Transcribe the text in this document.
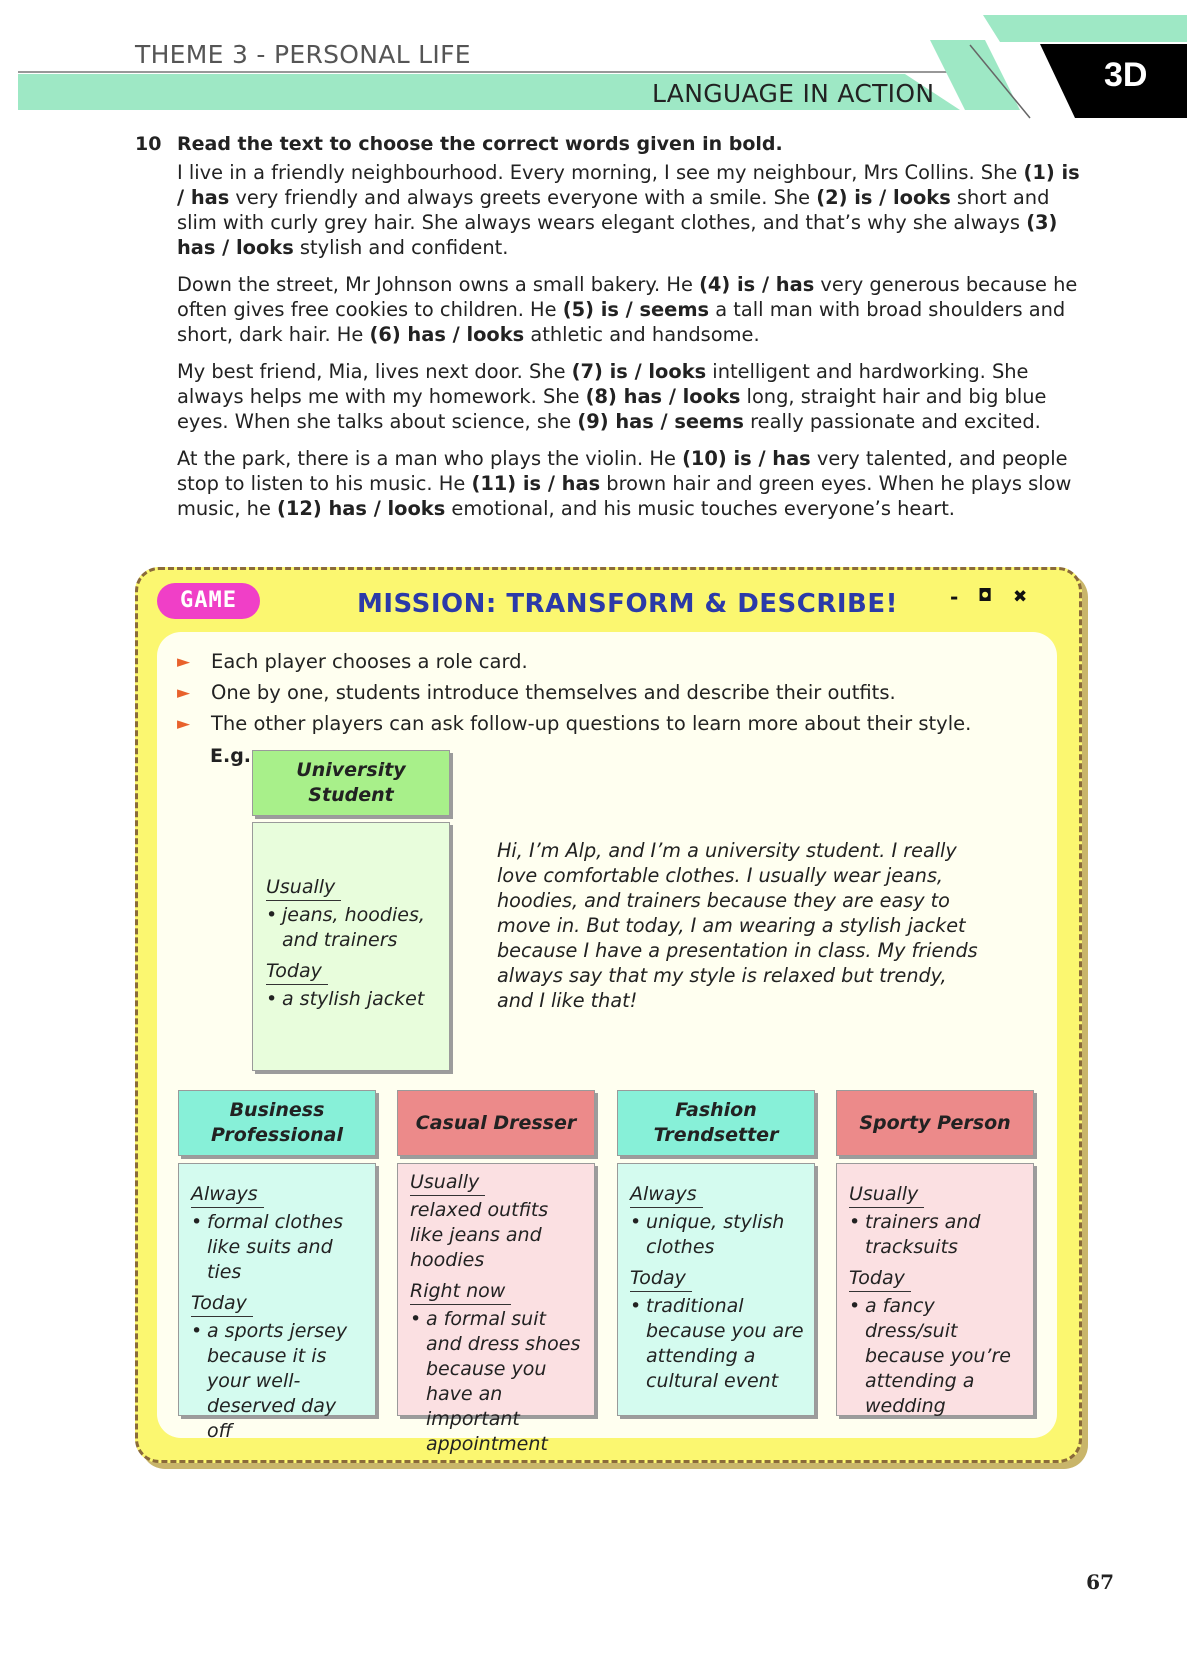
THEME 3 - PERSONAL LIFE
LANGUAGE IN ACTION	3D
10 Read the text to choose the correct words given in bold.

I live in a friendly neighbourhood. Every morning, I see my neighbour, Mrs Collins. She (1) is / has very friendly and always greets everyone with a smile. She (2) is / looks short and slim with curly grey hair. She always wears elegant clothes, and that’s why she always (3) has / looks stylish and confident.

Down the street, Mr Johnson owns a small bakery. He (4) is / has very generous because he often gives free cookies to children. He (5) is / seems a tall man with broad shoulders and short, dark hair. He (6) has / looks athletic and handsome.

My best friend, Mia, lives next door. She (7) is / looks intelligent and hardworking. She always helps me with my homework. She (8) has / looks long, straight hair and big blue eyes. When she talks about science, she (9) has / seems really passionate and excited.

At the park, there is a man who plays the violin. He (10) is / has very talented, and people stop to listen to his music. He (11) is / has brown hair and green eyes. When he plays slow music, he (12) has / looks emotional, and his music touches everyone’s heart.

GAME	MISSION: TRANSFORM & DESCRIBE!	- ◘ ✖
► Each player chooses a role card.
► One by one, students introduce themselves and describe their outfits.
► The other players can ask follow-up questions to learn more about their style.
E.g.
University Student
Usually
• jeans, hoodies, and trainers
Today
• a stylish jacket
Hi, I’m Alp, and I’m a university student. I really love comfortable clothes. I usually wear jeans, hoodies, and trainers because they are easy to move in. But today, I am wearing a stylish jacket because I have a presentation in class. My friends always say that my style is relaxed but trendy, and I like that!
Business Professional
Always
• formal clothes like suits and ties
Today
• a sports jersey because it is your well-deserved day off
Casual Dresser
Usually
relaxed outfits like jeans and hoodies
Right now
• a formal suit and dress shoes because you have an important appointment
Fashion Trendsetter
Always
• unique, stylish clothes
Today
• traditional because you are attending a cultural event
Sporty Person
Usually
• trainers and tracksuits
Today
• a fancy dress/suit because you’re attending a wedding
67
